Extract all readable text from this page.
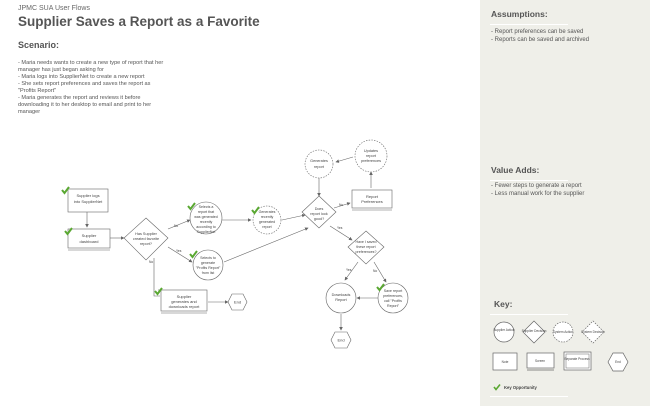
JPMC SUA User Flows
Supplier Saves a Report as a Favorite
Scenario:
- Maria needs wants to create a new type of report that her manager has just began asking for
- Maria logs into SupplierNet to create a new report
- She sets report preferences and saves the report as "Profits Report"
- Maria generates the report and reviews it before downloading it to her desktop to email and print to her manager
Assumptions:
- Report preferences can be saved
- Reports can be saved and archived
Value Adds:
- Fewer steps to generate a report
- Less manual work for the supplier
Key:
Supplier Action Supplier Decision System Action	System Decision
Note	Screen	Separate Process
End
Key Opportunity
No
Yes
No
No
Yes
Yes	No
Supplier logs into SupplierNet
Supplier dashboard
Has Supplier created favorite report?
Selects a report that was generated recently according to SupplierNet
Selects to generate "Profits Report" from list
Supplier generates and downloads report
End
Generates recently generated report
Does report look good?
Generates report
Updates report preferences
Report Preferences
Have I saved these report preferences?
Save report preferences, call "Profits Report"
Downloads Report
End
